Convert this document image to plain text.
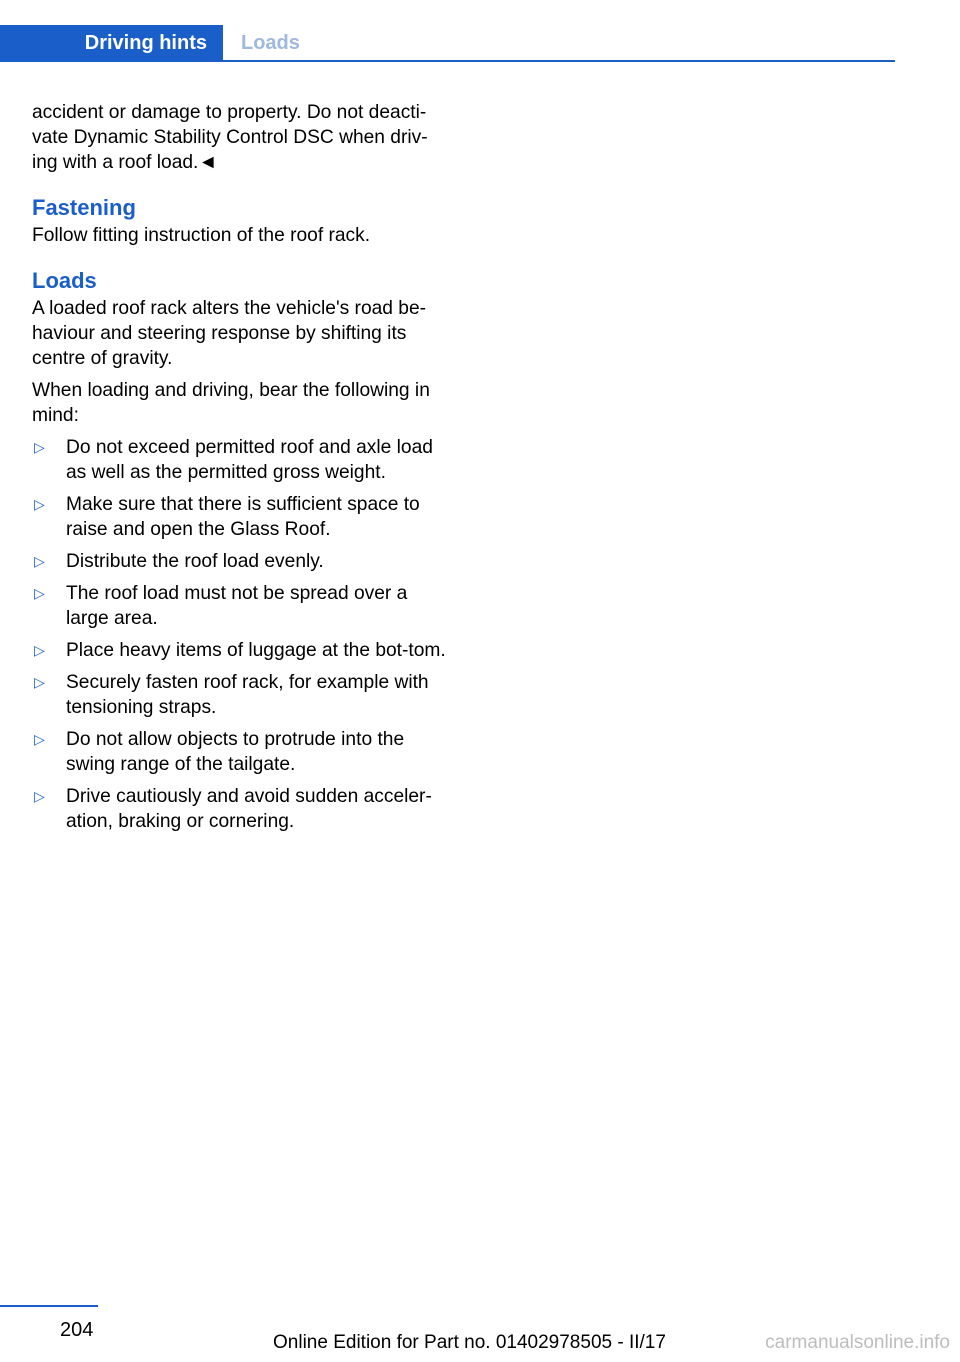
Driving hints	Loads

accident or damage to property. Do not deacti-vate Dynamic Stability Control DSC when driv-ing with a roof load.◄

Fastening

Follow fitting instruction of the roof rack.

Loads

A loaded roof rack alters the vehicle's road be-haviour and steering response by shifting its centre of gravity.

When loading and driving, bear the following in mind:

▷ Do not exceed permitted roof and axle load as well as the permitted gross weight.
▷ Make sure that there is sufficient space to raise and open the Glass Roof.
▷ Distribute the roof load evenly.
▷ The roof load must not be spread over a large area.
▷ Place heavy items of luggage at the bot-tom.
▷ Securely fasten roof rack, for example with tensioning straps.
▷ Do not allow objects to protrude into the swing range of the tailgate.
▷ Drive cautiously and avoid sudden acceler-ation, braking or cornering.
204
Online Edition for Part no. 01402978505 - II/17	carmanualsonline.info
